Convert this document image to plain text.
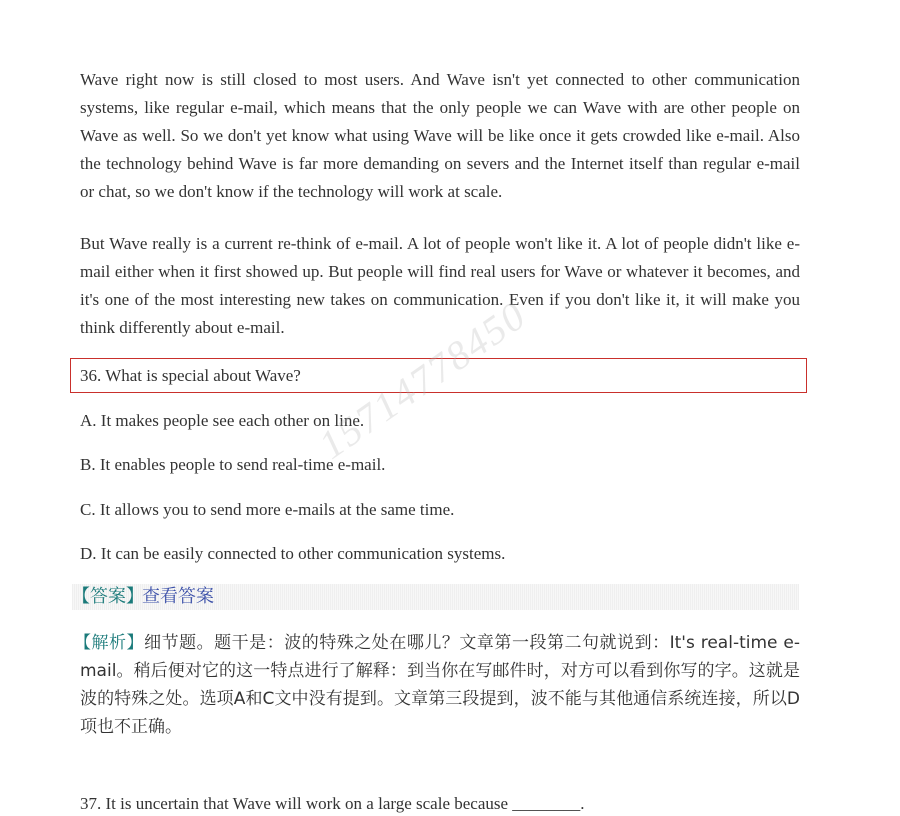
Wave right now is still closed to most users. And Wave isn't yet connected to other communication systems, like regular e-mail, which means that the only people we can Wave with are other people on Wave as well. So we don't yet know what using Wave will be like once it gets crowded like e-mail. Also the technology behind Wave is far more demanding on severs and the Internet itself than regular e-mail or chat, so we don't know if the technology will work at scale.

But Wave really is a current re-think of e-mail. A lot of people won't like it. A lot of people didn't like e-mail either when it first showed up. But people will find real users for Wave or whatever it becomes, and it's one of the most interesting new takes on communication. Even if you don't like it, it will make you think differently about e-mail.

36. What is special about Wave?
A. It makes people see each other on line.
B. It enables people to send real-time e-mail.
C. It allows you to send more e-mails at the same time.
D. It can be easily connected to other communication systems.
【答案】
查看答案
【解析】细节题。题干是：波的特殊之处在哪儿？文章第一段第二句就说到：It's real-time e-mail。稍后便对它的这一特点进行了解释：到当你在写邮件时，对方可以看到你写的字。这就是波的特殊之处。选项A和C文中没有提到。文章第三段提到，波不能与其他通信系统连接，所以D项也不正确。
37. It is uncertain that Wave will work on a large scale because ________.
15714778450
